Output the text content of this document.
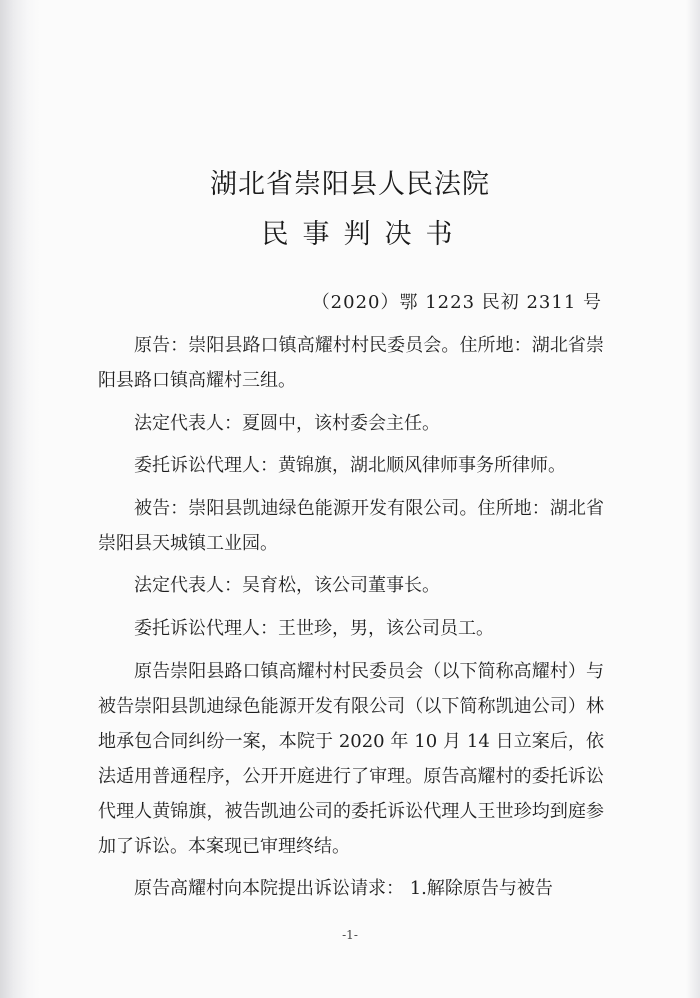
湖北省崇阳县人民法院
民事判决书
（2020）鄂 1223 民初 2311 号

原告：崇阳县路口镇高耀村村民委员会。住所地：湖北省崇阳县路口镇高耀村三组。

法定代表人：夏圆中，该村委会主任。

委托诉讼代理人：黄锦旗，湖北顺风律师事务所律师。

被告：崇阳县凯迪绿色能源开发有限公司。住所地：湖北省崇阳县天城镇工业园。

法定代表人：吴育松，该公司董事长。

委托诉讼代理人：王世珍，男，该公司员工。

原告崇阳县路口镇高耀村村民委员会（以下简称高耀村）与被告崇阳县凯迪绿色能源开发有限公司（以下简称凯迪公司）林地承包合同纠纷一案，本院于 2020 年 10 月 14 日立案后，依法适用普通程序，公开开庭进行了审理。原告高耀村的委托诉讼代理人黄锦旗，被告凯迪公司的委托诉讼代理人王世珍均到庭参加了诉讼。本案现已审理终结。

原告高耀村向本院提出诉讼请求： 1.解除原告与被告

-1-
